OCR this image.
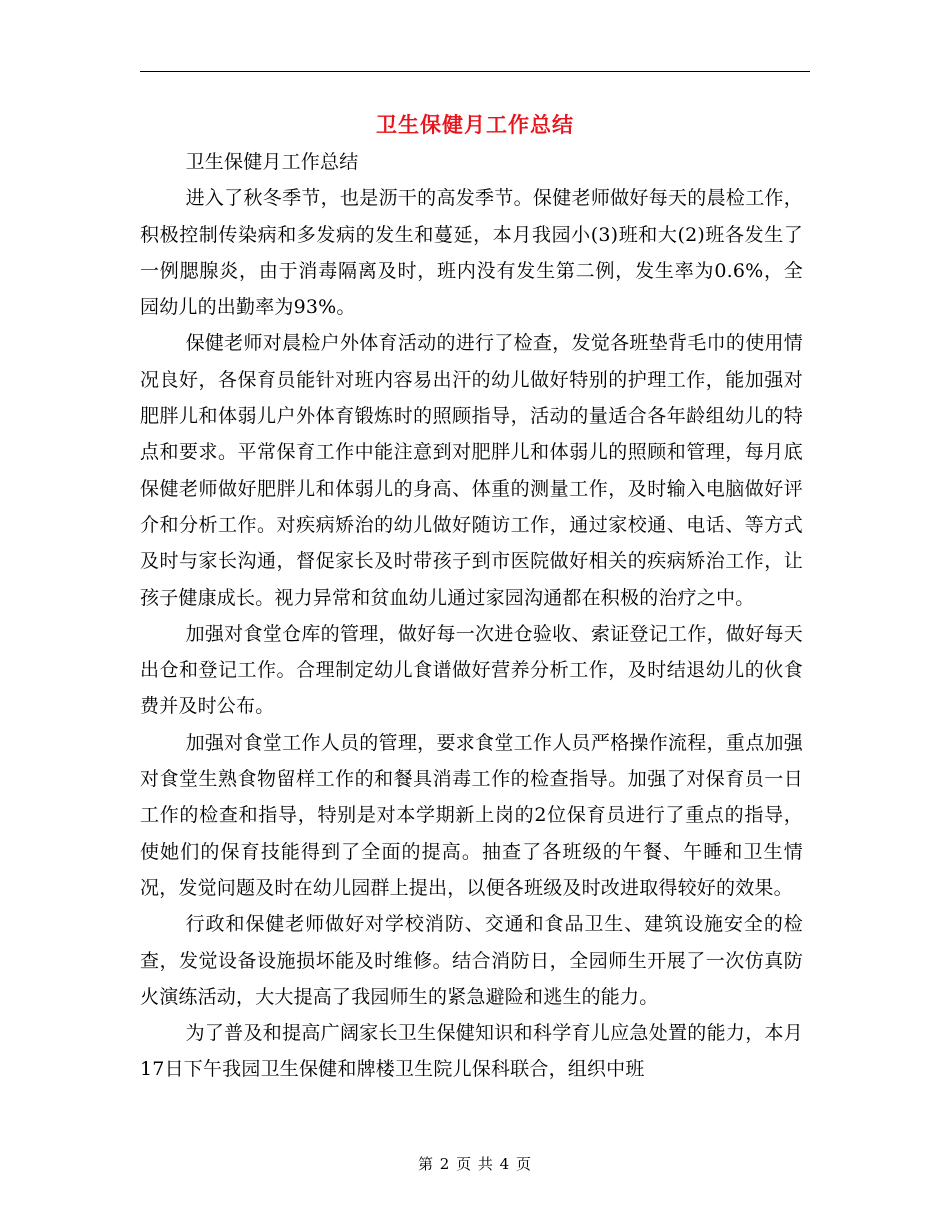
卫生保健月工作总结

卫生保健月工作总结

进入了秋冬季节，也是沥干的高发季节。保健老师做好每天的晨检工作，积极控制传染病和多发病的发生和蔓延，本月我园小(3)班和大(2)班各发生了一例腮腺炎，由于消毒隔离及时，班内没有发生第二例，发生率为0.6%，全园幼儿的出勤率为93%。

保健老师对晨检户外体育活动的进行了检查，发觉各班垫背毛巾的使用情况良好，各保育员能针对班内容易出汗的幼儿做好特别的护理工作，能加强对肥胖儿和体弱儿户外体育锻炼时的照顾指导，活动的量适合各年龄组幼儿的特点和要求。平常保育工作中能注意到对肥胖儿和体弱儿的照顾和管理，每月底保健老师做好肥胖儿和体弱儿的身高、体重的测量工作，及时输入电脑做好评介和分析工作。对疾病矫治的幼儿做好随访工作，通过家校通、电话、等方式及时与家长沟通，督促家长及时带孩子到市医院做好相关的疾病矫治工作，让孩子健康成长。视力异常和贫血幼儿通过家园沟通都在积极的治疗之中。

加强对食堂仓库的管理，做好每一次进仓验收、索证登记工作，做好每天出仓和登记工作。合理制定幼儿食谱做好营养分析工作，及时结退幼儿的伙食费并及时公布。

加强对食堂工作人员的管理，要求食堂工作人员严格操作流程，重点加强对食堂生熟食物留样工作的和餐具消毒工作的检查指导。加强了对保育员一日工作的检查和指导，特别是对本学期新上岗的2位保育员进行了重点的指导，使她们的保育技能得到了全面的提高。抽查了各班级的午餐、午睡和卫生情况，发觉问题及时在幼儿园群上提出，以便各班级及时改进取得较好的效果。

行政和保健老师做好对学校消防、交通和食品卫生、建筑设施安全的检查，发觉设备设施损坏能及时维修。结合消防日，全园师生开展了一次仿真防火演练活动，大大提高了我园师生的紧急避险和逃生的能力。

为了普及和提高广阔家长卫生保健知识和科学育儿应急处置的能力，本月17日下午我园卫生保健和牌楼卫生院儿保科联合，组织中班

第 2 页 共 4 页
